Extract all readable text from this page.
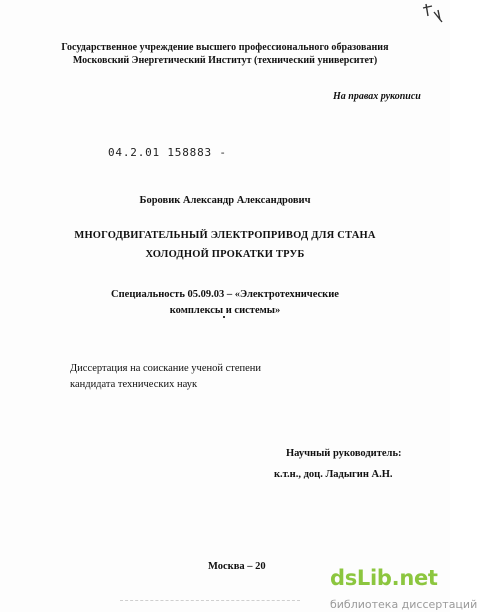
Государственное учреждение высшего профессионального образования
Московский Энергетический Институт (технический университет)
На правах рукописи
04.2.01 158883 -
Боровик Александр Александрович
МНОГОДВИГАТЕЛЬНЫЙ ЭЛЕКТРОПРИВОД ДЛЯ СТАНА
ХОЛОДНОЙ ПРОКАТКИ ТРУБ
Специальность 05.09.03 – «Электротехнические
комплексы и системы»
Диссертация на соискание ученой степени
кандидата технических наук
Научный руководитель:
к.т.н., доц. Ладыгин А.Н.
Москва – 20	dsLib.net
библиотека диссертаций
